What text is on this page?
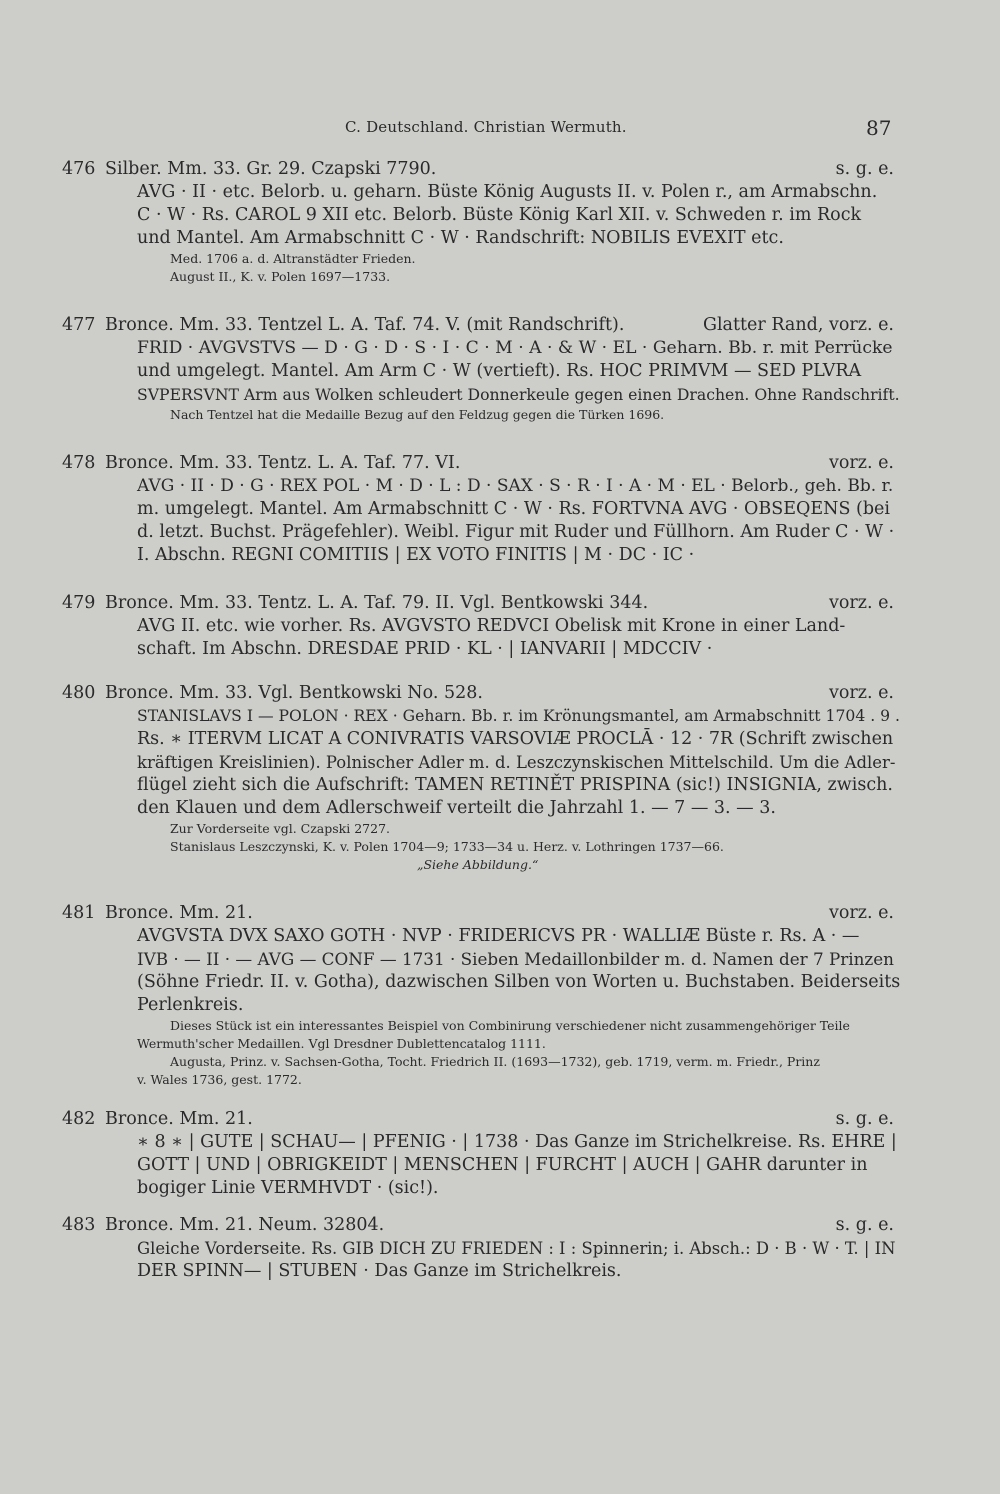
C. Deutschland. Christian Wermuth.	87
476 Silber. Mm. 33. Gr. 29. Czapski 7790.	s. g. e.
AVG · II · etc. Belorb. u. geharn. Büste König Augusts II. v. Polen r., am Armabschn.
C · W · Rs. CAROL 9 XII etc. Belorb. Büste König Karl XII. v. Schweden r. im Rock
und Mantel. Am Armabschnitt C · W · Randschrift: NOBILIS EVEXIT etc.
Med. 1706 a. d. Altranstädter Frieden.
August II., K. v. Polen 1697—1733.
477 Bronce. Mm. 33. Tentzel L. A. Taf. 74. V. (mit Randschrift).	Glatter Rand, vorz. e.
FRID · AVGVSTVS — D · G · D · S · I · C · M · A · & W · EL · Geharn. Bb. r. mit Perrücke
und umgelegt. Mantel. Am Arm C · W (vertieft). Rs. HOC PRIMVM — SED PLVRA
SVPERSVNT Arm aus Wolken schleudert Donnerkeule gegen einen Drachen. Ohne Randschrift.
Nach Tentzel hat die Medaille Bezug auf den Feldzug gegen die Türken 1696.
478 Bronce. Mm. 33. Tentz. L. A. Taf. 77. VI.	vorz. e.
AVG · II · D · G · REX POL · M · D · L : D · SAX · S · R · I · A · M · EL · Belorb., geh. Bb. r.
m. umgelegt. Mantel. Am Armabschnitt C · W · Rs. FORTVNA AVG · OBSEQENS (bei
d. letzt. Buchst. Prägefehler). Weibl. Figur mit Ruder und Füllhorn. Am Ruder C · W ·
I. Abschn. REGNI COMITIIS | EX VOTO FINITIS | M · DC · IC ·
479 Bronce. Mm. 33. Tentz. L. A. Taf. 79. II. Vgl. Bentkowski 344.	vorz. e.
AVG II. etc. wie vorher. Rs. AVGVSTO REDVCI Obelisk mit Krone in einer Land-
schaft. Im Abschn. DRESDAE PRID · KL · | IANVARII | MDCCIV ·
480 Bronce. Mm. 33. Vgl. Bentkowski No. 528.	vorz. e.
STANISLAVS I — POLON · REX · Geharn. Bb. r. im Krönungsmantel, am Armabschnitt 1704 . 9 .
Rs. ∗ ITERVM LICAT A CONIVRATIS VARSOVIÆ PROCLĀ · 12 · 7R (Schrift zwischen
kräftigen Kreislinien). Polnischer Adler m. d. Leszczynskischen Mittelschild. Um die Adler-
flügel zieht sich die Aufschrift: TAMEN RETINĚT PRISPINA (sic!) INSIGNIA, zwisch.
den Klauen und dem Adlerschweif verteilt die Jahrzahl 1. — 7 — 3. — 3.
Zur Vorderseite vgl. Czapski 2727.
Stanislaus Leszczynski, K. v. Polen 1704—9; 1733—34 u. Herz. v. Lothringen 1737—66.
„Siehe Abbildung.“
481 Bronce. Mm. 21.	vorz. e.
AVGVSTA DVX SAXO GOTH · NVP · FRIDERICVS PR · WALLIÆ Büste r. Rs. A · —
IVB · — II · — AVG — CONF — 1731 · Sieben Medaillonbilder m. d. Namen der 7 Prinzen
(Söhne Friedr. II. v. Gotha), dazwischen Silben von Worten u. Buchstaben. Beiderseits
Perlenkreis.
Dieses Stück ist ein interessantes Beispiel von Combinirung verschiedener nicht zusammengehöriger Teile
Wermuth'scher Medaillen. Vgl Dresdner Dublettencatalog 1111.
Augusta, Prinz. v. Sachsen-Gotha, Tocht. Friedrich II. (1693—1732), geb. 1719, verm. m. Friedr., Prinz
v. Wales 1736, gest. 1772.
482 Bronce. Mm. 21.	s. g. e.
∗ 8 ∗ | GUTE | SCHAU— | PFENIG · | 1738 · Das Ganze im Strichelkreise. Rs. EHRE |
GOTT | UND | OBRIGKEIDT | MENSCHEN | FURCHT | AUCH | GAHR darunter in
bogiger Linie VERMHVDT · (sic!).
483 Bronce. Mm. 21. Neum. 32804.	s. g. e.
Gleiche Vorderseite. Rs. GIB DICH ZU FRIEDEN : I : Spinnerin; i. Absch.: D · B · W · T. | IN
DER SPINN— | STUBEN · Das Ganze im Strichelkreis.
